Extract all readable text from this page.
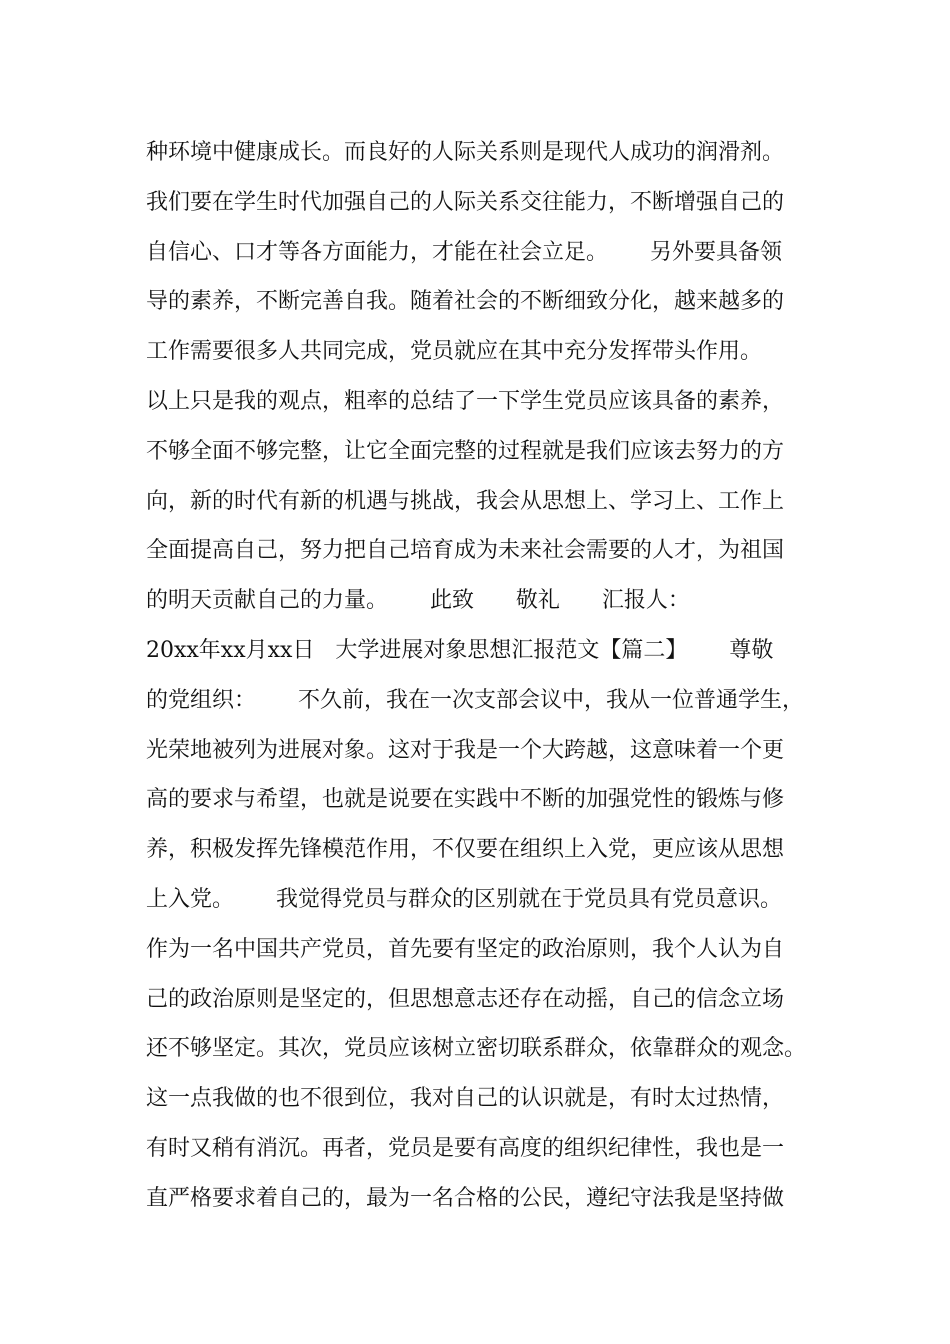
种环境中健康成长。而良好的人际关系则是现代人成功的润滑剂。
我们要在学生时代加强自己的人际关系交往能力，不断增强自己的
自信心、口才等各方面能力，才能在社会立足。      另外要具备领
导的素养，不断完善自我。随着社会的不断细致分化，越来越多的
工作需要很多人共同完成，党员就应在其中充分发挥带头作用。
以上只是我的观点，粗率的总结了一下学生党员应该具备的素养，
不够全面不够完整，让它全面完整的过程就是我们应该去努力的方
向，新的时代有新的机遇与挑战，我会从思想上、学习上、工作上
全面提高自己，努力把自己培育成为未来社会需要的人才，为祖国
的明天贡献自己的力量。      此致      敬礼      汇报人：
20xx年xx月xx日   大学进展对象思想汇报范文【篇二】      尊敬
的党组织：      不久前，我在一次支部会议中，我从一位普通学生，
光荣地被列为进展对象。这对于我是一个大跨越，这意味着一个更
高的要求与希望，也就是说要在实践中不断的加强党性的锻炼与修
养，积极发挥先锋模范作用，不仅要在组织上入党，更应该从思想
上入党。      我觉得党员与群众的区别就在于党员具有党员意识。
作为一名中国共产党员，首先要有坚定的政治原则，我个人认为自
己的政治原则是坚定的，但思想意志还存在动摇，自己的信念立场
还不够坚定。其次，党员应该树立密切联系群众，依靠群众的观念。
这一点我做的也不很到位，我对自己的认识就是，有时太过热情，
有时又稍有消沉。再者，党员是要有高度的组织纪律性，我也是一
直严格要求着自己的，最为一名合格的公民，遵纪守法我是坚持做
